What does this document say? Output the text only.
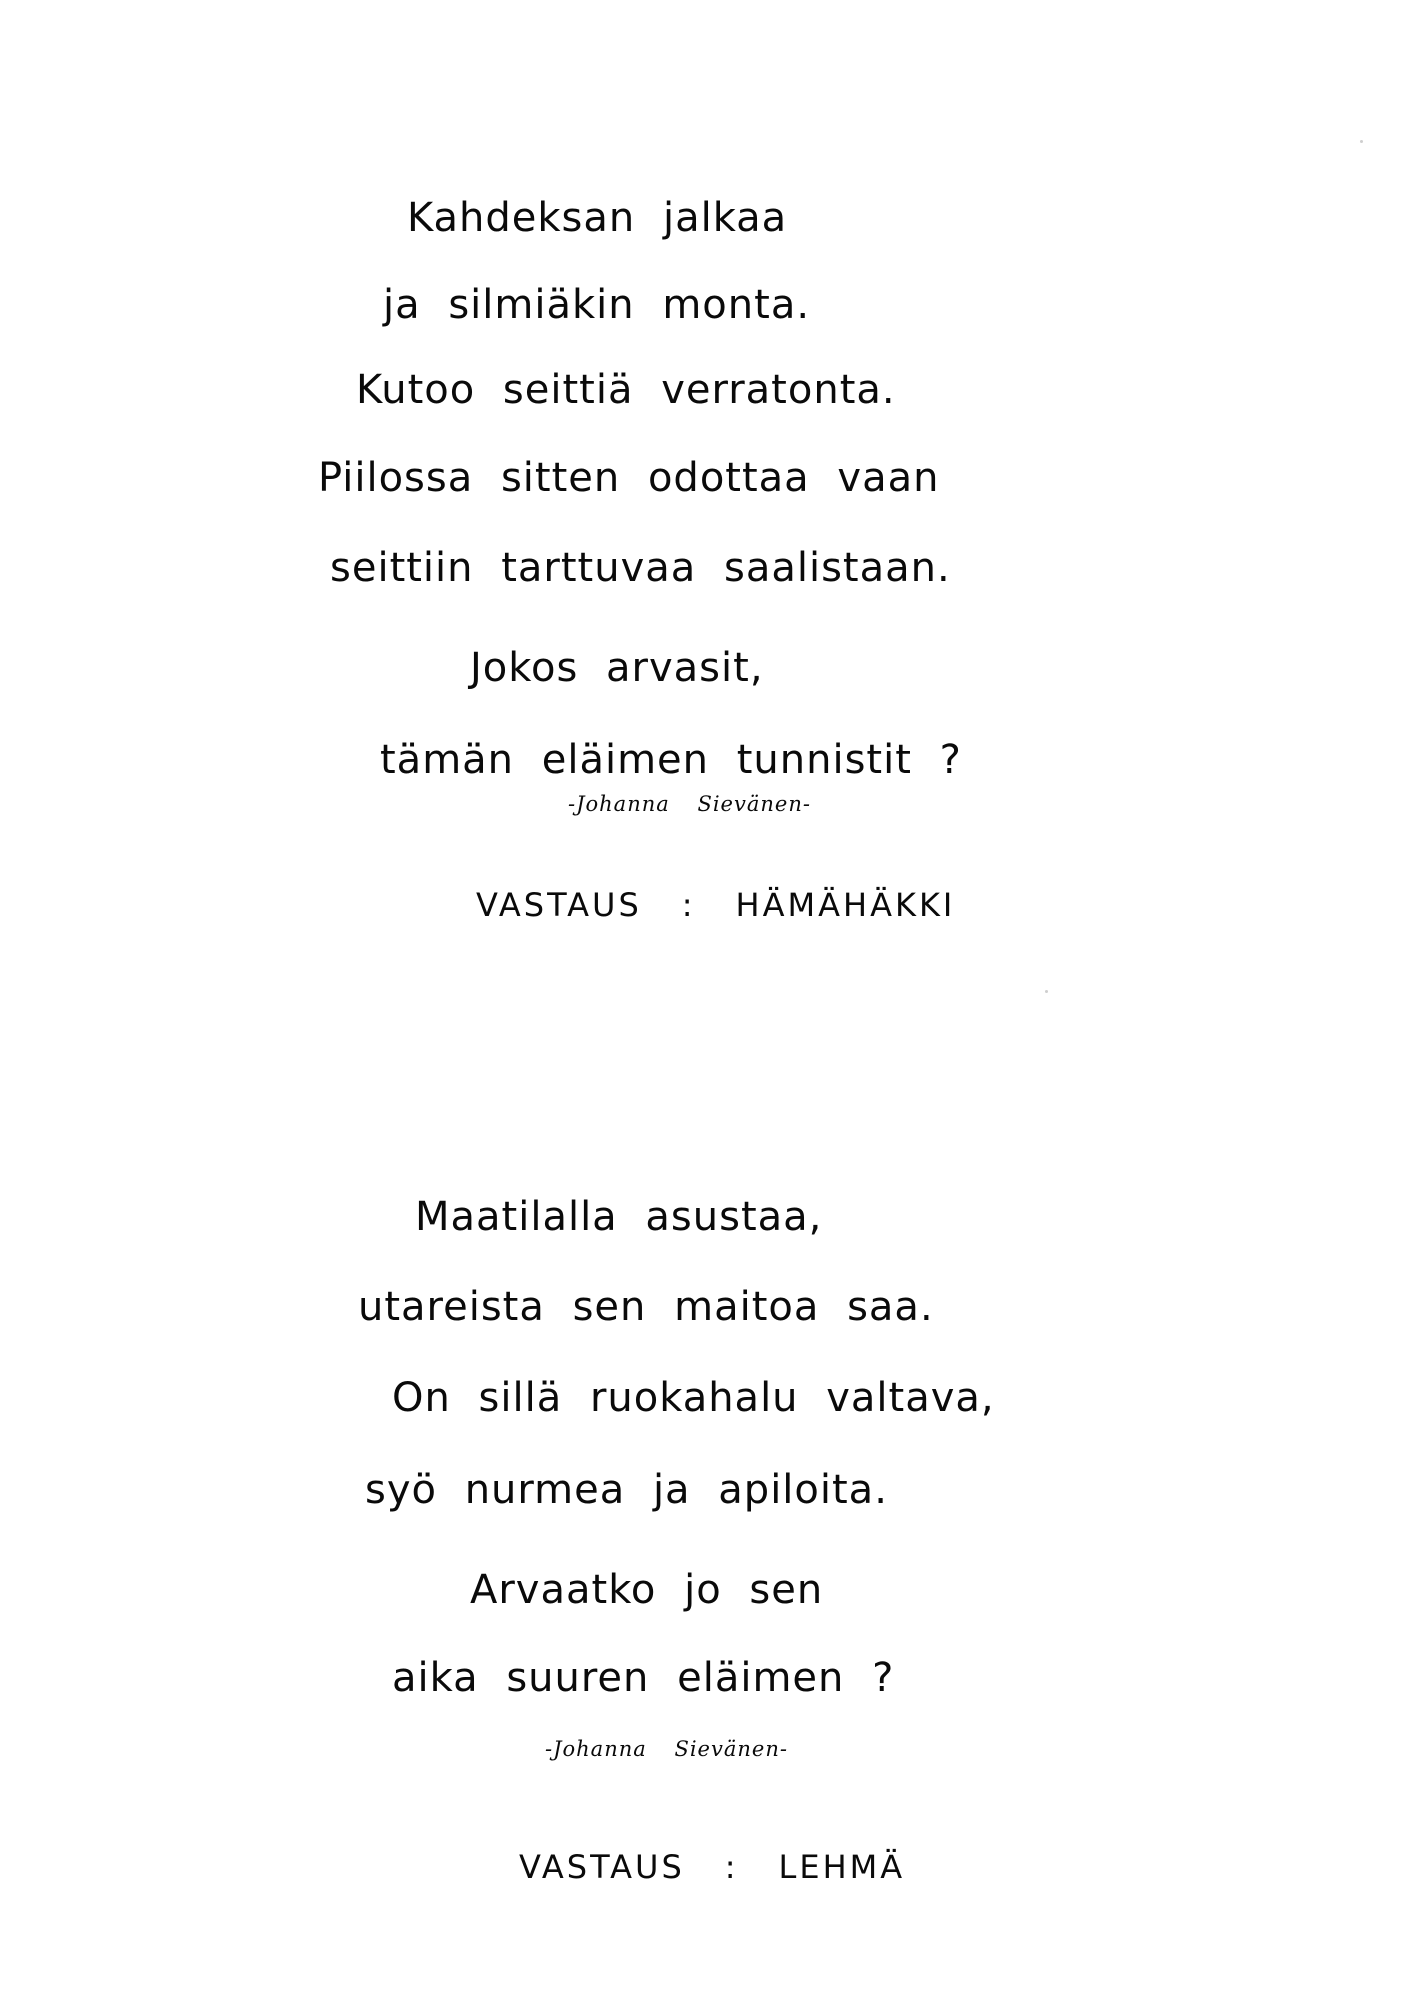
Kahdeksan jalkaa
ja silmiäkin monta.
Kutoo seittiä verratonta.
Piilossa sitten odottaa vaan
seittiin tarttuvaa saalistaan.
Jokos arvasit,
tämän eläimen tunnistit ?
-Johanna Sievänen-

VASTAUS : HÄMÄHÄKKI

Maatilalla asustaa,
utareista sen maitoa saa.
On sillä ruokahalu valtava,
syö nurmea ja apiloita.
Arvaatko jo sen
aika suuren eläimen ?
-Johanna Sievänen-

VASTAUS : LEHMÄ
